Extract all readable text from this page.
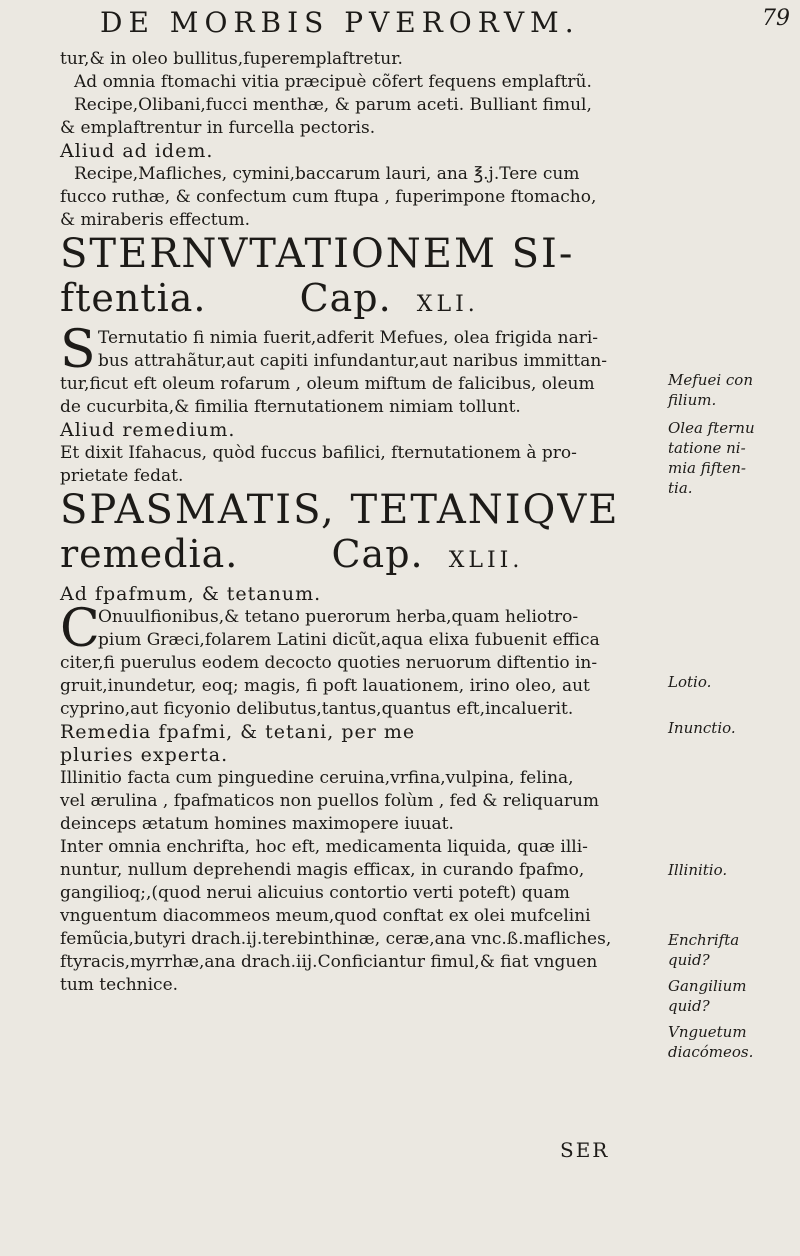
DE MORBIS PVERORVM.	79

tur,& in oleo bullitus,fuperemplaftretur.

Ad omnia ftomachi vitia præcipuè cõfert fequens emplaftrũ.

Recipe,Olibani,fucci menthæ, & parum aceti. Bulliant fimul,

& emplaftrentur in furcella pectoris.

Aliud ad idem.

Recipe,Mafliches, cymini,baccarum lauri, ana ℥.j.Tere cum

fucco ruthæ, & confectum cum ftupa , fuperimpone ftomacho,

& miraberis effectum.

STERNVTATIONEM SI-

ftentia. Cap. XLI.

S Ternutatio fi nimia fuerit,adferit Mefues, olea frigida nari-

bus attrahãtur,aut capiti infundantur,aut naribus immittan-

tur,ficut eft oleum rofarum , oleum miftum de falicibus, oleum

de cucurbita,& fimilia fternutationem nimiam tollunt.

Aliud remedium.

Et dixit Ifahacus, quòd fuccus bafilici, fternutationem à pro-

prietate fedat.

SPASMATIS, TETANIQVE

remedia. Cap. XLII.

Ad fpafmum, & tetanum.

C

Onuulfionibus,& tetano puerorum herba,quam heliotro-

pium Græci,folarem Latini dicũt,aqua elixa fubuenit effica

citer,fi puerulus eodem decocto quoties neruorum diftentio in-

gruit,inundetur, eoq; magis, fi poft lauationem, irino oleo, aut

cyprino,aut ficyonio delibutus,tantus,quantus eft,incaluerit.

Remedia fpafmi, & tetani, per me

pluries experta.

Illinitio facta cum pinguedine ceruina,vrfina,vulpina, felina,

vel ærulina , fpafmaticos non puellos folùm , fed & reliquarum

deinceps ætatum homines maximopere iuuat.

Inter omnia enchrifta, hoc eft, medicamenta liquida, quæ illi-

nuntur, nullum deprehendi magis efficax, in curando fpafmo,

gangilioq;,(quod nerui alicuius contortio verti poteft) quam

vnguentum diacommeos meum,quod conftat ex olei mufcelini

femũcia,butyri drach.ij.terebinthinæ, ceræ,ana vnc.ß.mafliches,

ftyracis,myrrhæ,ana drach.iij.Conficiantur fimul,& fiat vnguen

tum technice.

Mefuei con
filium.
Olea fternu
tatione ni-
mia fiften-
tia.
Lotio.
Inunctio.
Illinitio.
Enchrifta
quid?
Gangilium
quid?
Vnguetum
diacómeos.
SER
